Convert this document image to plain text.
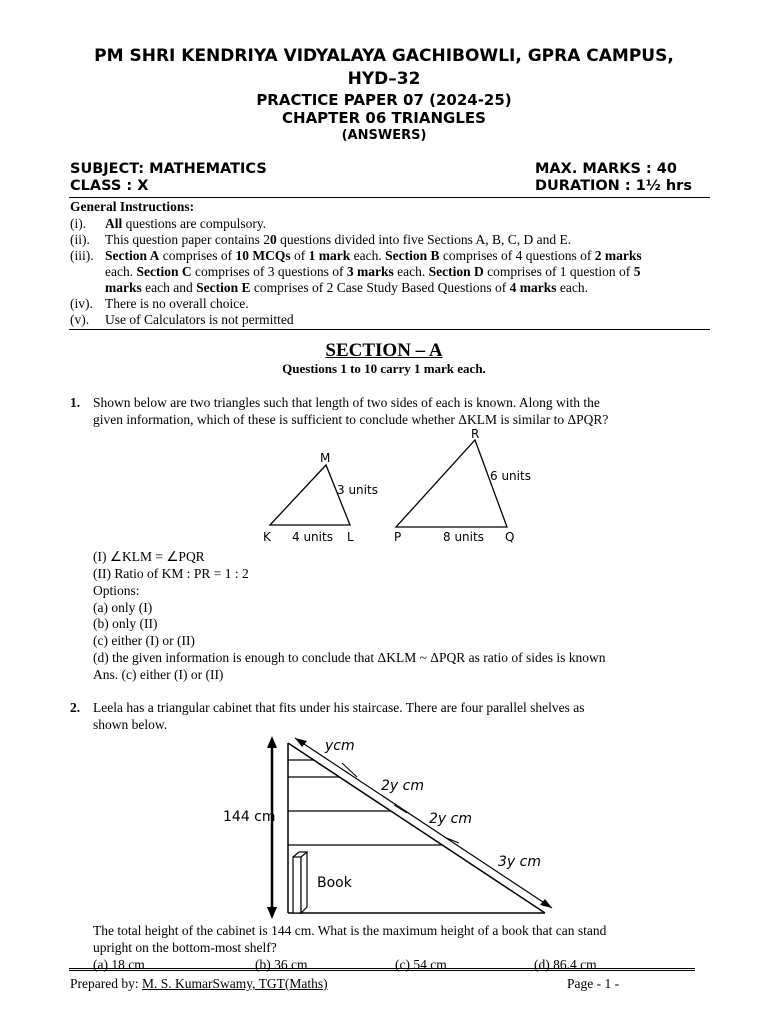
PM SHRI KENDRIYA VIDYALAYA GACHIBOWLI, GPRA CAMPUS,
HYD–32
PRACTICE PAPER 07 (2024-25)
CHAPTER 06 TRIANGLES
(ANSWERS)
SUBJECT: MATHEMATICS	MAX. MARKS : 40
CLASS : X	DURATION : 1½ hrs
General Instructions:
(i). All questions are compulsory.
(ii). This question paper contains 20 questions divided into five Sections A, B, C, D and E.
(iii). Section A comprises of 10 MCQs of 1 mark each. Section B comprises of 4 questions of 2 marks
each. Section C comprises of 3 questions of 3 marks each. Section D comprises of 1 question of 5
marks each and Section E comprises of 2 Case Study Based Questions of 4 marks each.
(iv). There is no overall choice.
(v). Use of Calculators is not permitted
SECTION – A
Questions 1 to 10 carry 1 mark each.
1. Shown below are two triangles such that length of two sides of each is known. Along with the
given information, which of these is sufficient to conclude whether ΔKLM is similar to ΔPQR?
M
K	L
3 units
4 units
R
P	Q
6 units
8 units
(I) ∠KLM = ∠PQR
(II) Ratio of KM : PR = 1 : 2
Options:
(a) only (I)
(b) only (II)
(c) either (I) or (II)
(d) the given information is enough to conclude that ΔKLM ~ ΔPQR as ratio of sides is known
Ans. (c) either (I) or (II)
2. Leela has a triangular cabinet that fits under his staircase. There are four parallel shelves as
shown below.
144 cm
ycm
2y cm
2y cm
3y cm
Book
The total height of the cabinet is 144 cm. What is the maximum height of a book that can stand
upright on the bottom-most shelf?
(a) 18 cm	(b) 36 cm	(c) 54 cm	(d) 86.4 cm
Prepared by: M. S. KumarSwamy, TGT(Maths)	Page - 1 -
